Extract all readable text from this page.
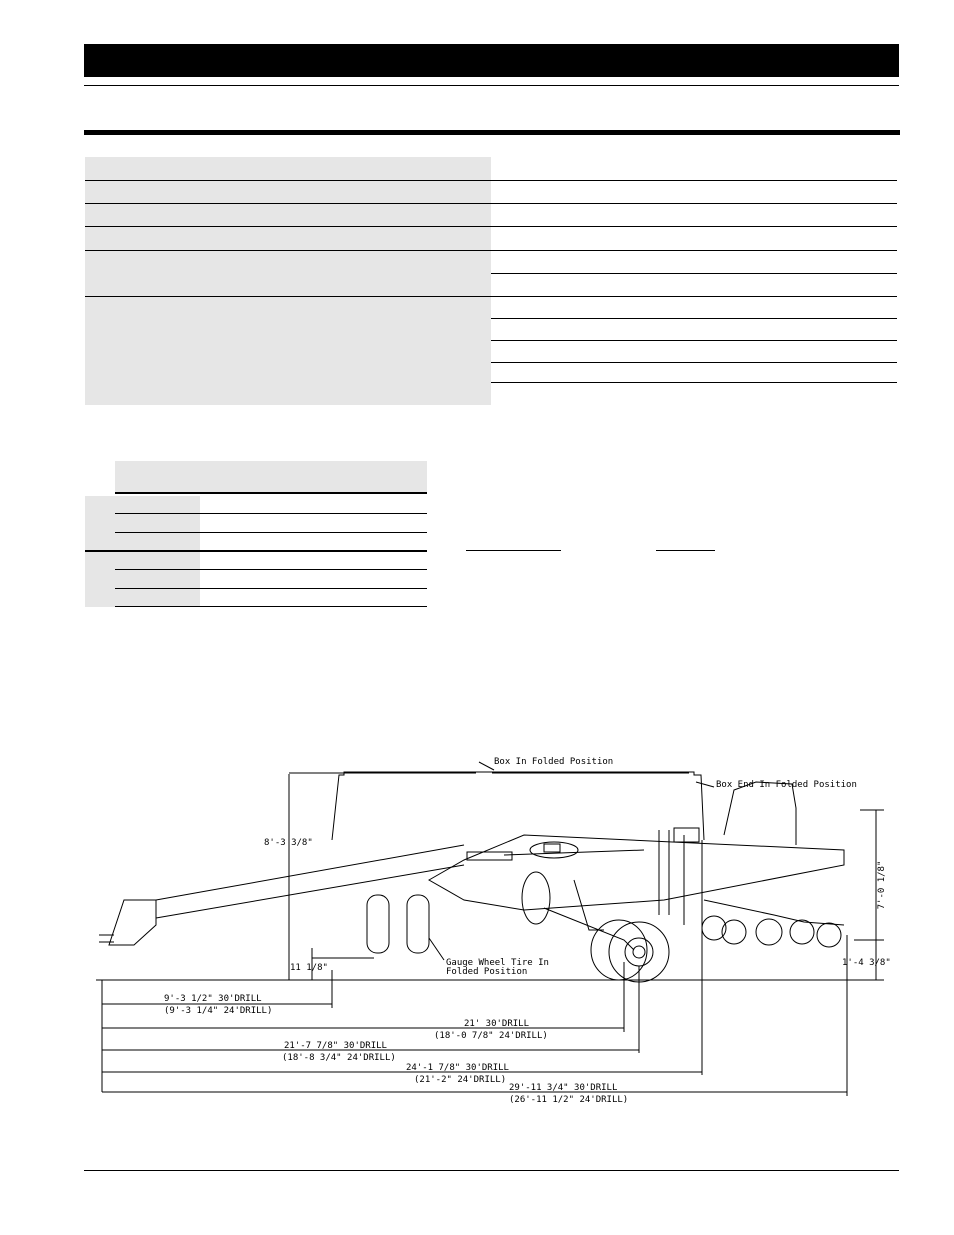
Box In Folded Position
Box End In Folded Position
8'-3 3/8"
7'-0 1/8"
11 1/8"	1'-4 3/8"
Gauge Wheel Tire In
Folded Position
9'-3 1/2" 30'DRILL
(9'-3 1/4" 24'DRILL)
21' 30'DRILL
(18'-0 7/8" 24'DRILL)
21'-7 7/8" 30'DRILL
(18'-8 3/4" 24'DRILL)
24'-1 7/8" 30'DRILL
(21'-2" 24'DRILL)
29'-11 3/4" 30'DRILL
(26'-11 1/2" 24'DRILL)
